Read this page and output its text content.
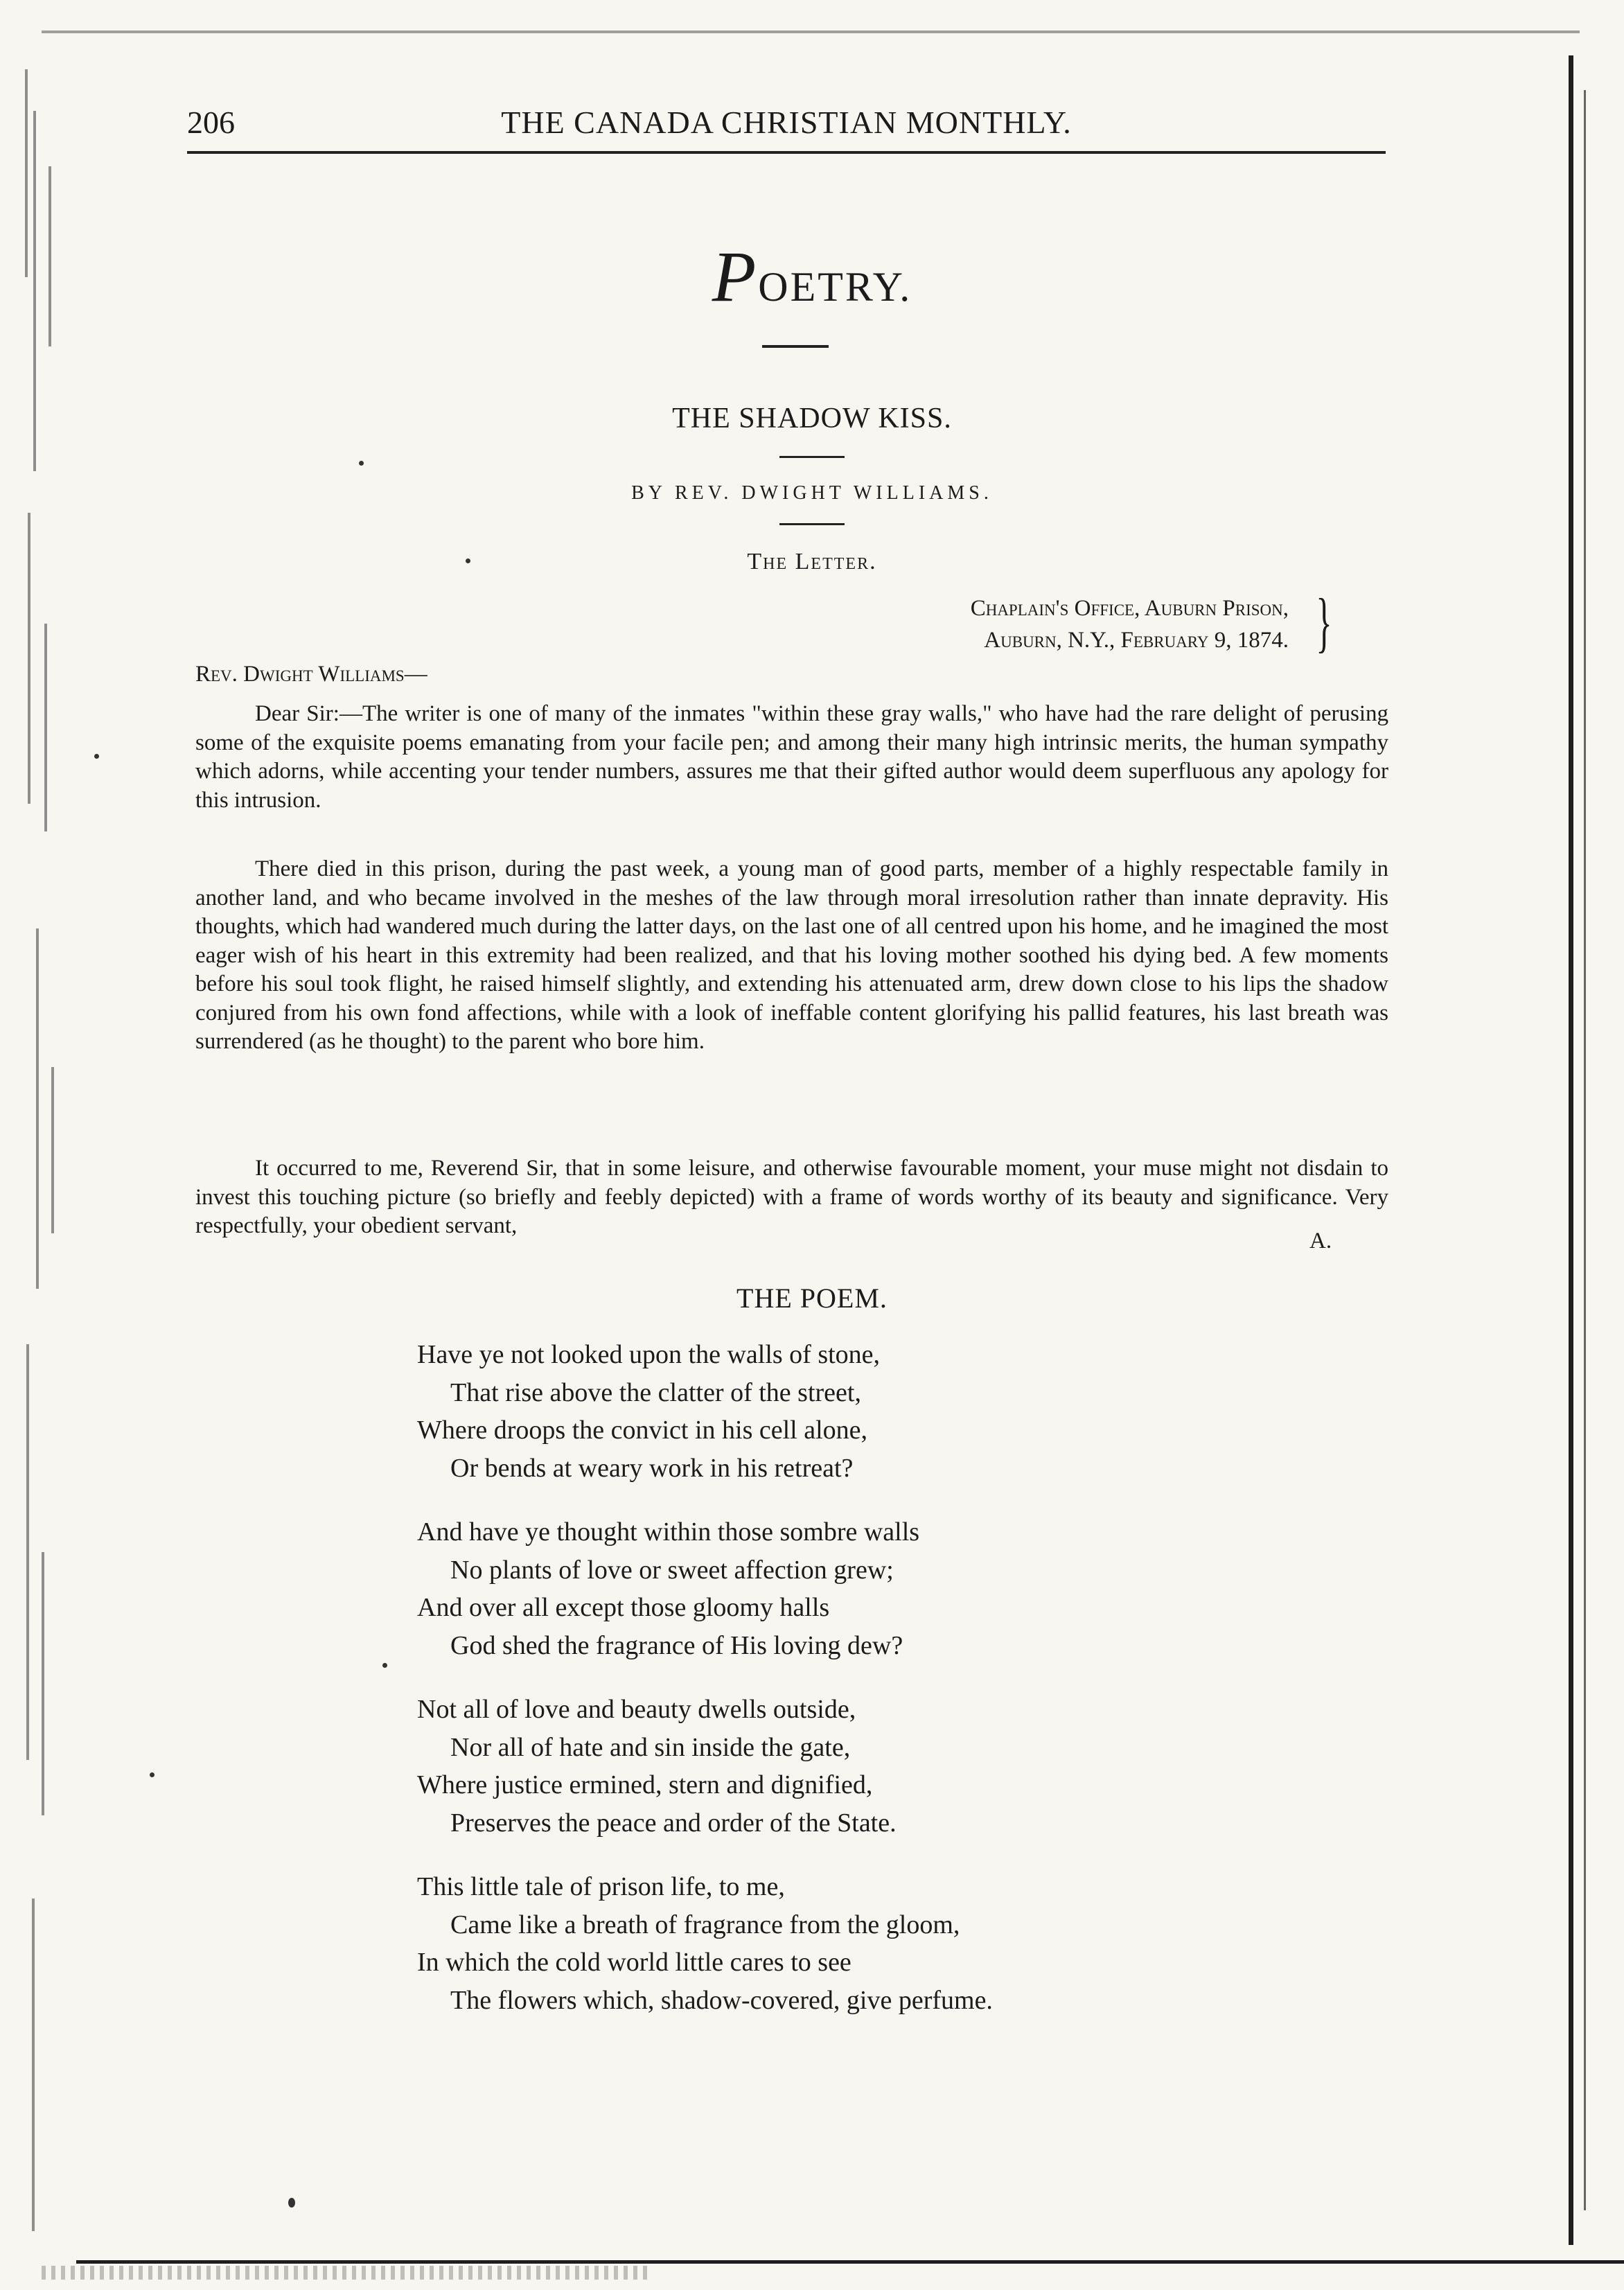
206	THE CANADA CHRISTIAN MONTHLY.
POETRY.
THE SHADOW KISS.
BY REV. DWIGHT WILLIAMS.
The Letter.
Chaplain's Office, Auburn Prison,
Auburn, N.Y., February 9, 1874. }
Rev. Dwight Williams—

Dear Sir:—The writer is one of many of the inmates "within these gray walls," who have had the rare delight of perusing some of the exquisite poems emanating from your facile pen; and among their many high intrinsic merits, the human sympathy which adorns, while accenting your tender numbers, assures me that their gifted author would deem superfluous any apology for this intrusion.

There died in this prison, during the past week, a young man of good parts, member of a highly respectable family in another land, and who became involved in the meshes of the law through moral irresolution rather than innate depravity. His thoughts, which had wandered much during the latter days, on the last one of all centred upon his home, and he imagined the most eager wish of his heart in this extremity had been realized, and that his loving mother soothed his dying bed. A few moments before his soul took flight, he raised himself slightly, and extending his attenuated arm, drew down close to his lips the shadow conjured from his own fond affections, while with a look of ineffable content glorifying his pallid features, his last breath was surrendered (as he thought) to the parent who bore him.

It occurred to me, Reverend Sir, that in some leisure, and otherwise favourable moment, your muse might not disdain to invest this touching picture (so briefly and feebly depicted) with a frame of words worthy of its beauty and significance. Very respectfully, your obedient servant,

A.
THE POEM.
Have ye not looked upon the walls of stone,
That rise above the clatter of the street,
Where droops the convict in his cell alone,
Or bends at weary work in his retreat?
And have ye thought within those sombre walls
No plants of love or sweet affection grew;
And over all except those gloomy halls
God shed the fragrance of His loving dew?
Not all of love and beauty dwells outside,
Nor all of hate and sin inside the gate,
Where justice ermined, stern and dignified,
Preserves the peace and order of the State.
This little tale of prison life, to me,
Came like a breath of fragrance from the gloom,
In which the cold world little cares to see
The flowers which, shadow-covered, give perfume.
